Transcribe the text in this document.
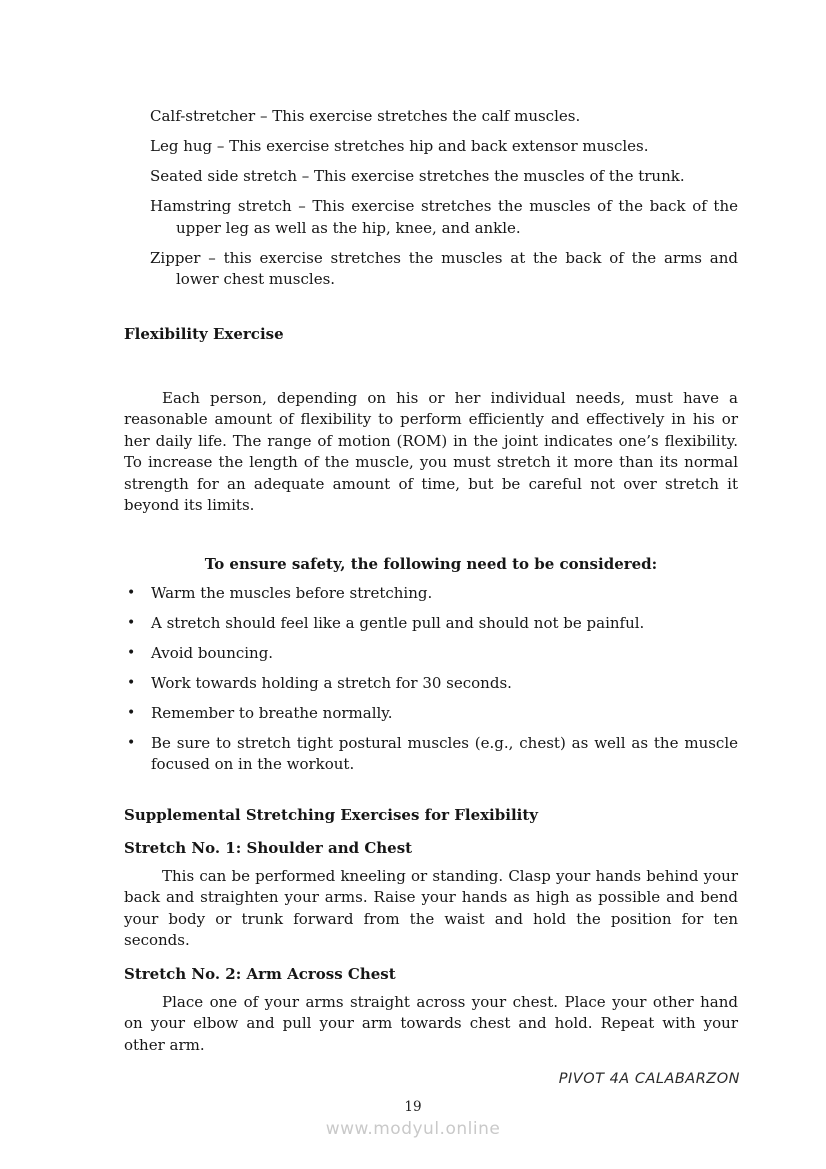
Calf-stretcher – This exercise stretches the calf muscles.
Leg hug – This exercise stretches hip and back extensor muscles.
Seated side stretch – This exercise stretches the muscles of the trunk.
Hamstring stretch – This exercise stretches the muscles of the back of the upper leg as well as the hip, knee, and ankle.
Zipper – this exercise stretches the muscles at the back of the arms and lower chest muscles.
Flexibility Exercise

Each person, depending on his or her individual needs, must have a reasonable amount of flexibility to perform efficiently and effectively in his or her daily life. The range of motion (ROM) in the joint indicates one’s flexibility. To increase the length of the muscle, you must stretch it more than its normal strength for an adequate amount of time, but be careful not over stretch it beyond its limits.

To ensure safety, the following need to be considered:
• Warm the muscles before stretching.
• A stretch should feel like a gentle pull and should not be painful.
• Avoid bouncing.
• Work towards holding a stretch for 30 seconds.
• Remember to breathe normally.
• Be sure to stretch tight postural muscles (e.g., chest) as well as the muscle focused on in the workout.
Supplemental Stretching Exercises for Flexibility
Stretch No. 1: Shoulder and Chest

This can be performed kneeling or standing. Clasp your hands behind your back and straighten your arms. Raise your hands as high as possible and bend your body or trunk forward from the waist and hold the position for ten seconds.

Stretch No. 2: Arm Across Chest

Place one of your arms straight across your chest. Place your other hand on your elbow and pull your arm towards chest and hold. Repeat with your other arm.

PIVOT 4A CALABARZON
19
www.modyul.online
